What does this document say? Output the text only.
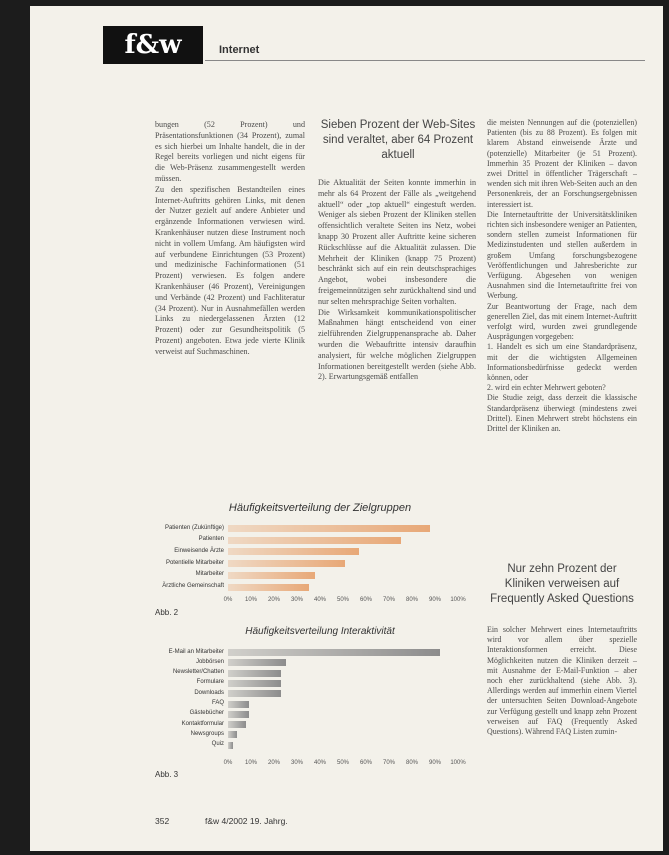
f&w	Internet

bungen (52 Prozent) und Präsentationsfunktionen (34 Prozent), zumal es sich hierbei um Inhalte handelt, die in der Regel bereits vorliegen und nicht eigens für die Web-Präsenz zusammengestellt werden müssen.

Zu den spezifischen Bestandteilen eines Internet-Auftritts gehören Links, mit denen der Nutzer gezielt auf andere Anbieter und ergänzende Informationen verwiesen wird. Krankenhäuser nutzen diese Instrument noch nicht in vollem Umfang. Am häufigsten wird auf verbundene Einrichtungen (53 Prozent) und medizinische Fachinformationen (51 Prozent) verwiesen. Es folgen andere Krankenhäuser (46 Prozent), Vereinigungen und Verbände (42 Prozent) und Fachliteratur (34 Prozent). Nur in Ausnahmefällen werden Links zu niedergelassenen Ärzten (12 Prozent) oder zur Gesundheitspolitik (5 Prozent) angeboten. Etwa jede vierte Klinik verweist auf Suchmaschinen.

Sieben Prozent der Web-Sites sind veraltet, aber 64 Prozent aktuell

Die Aktualität der Seiten konnte immerhin in mehr als 64 Prozent der Fälle als „weitgehend aktuell“ oder „top aktuell“ eingestuft werden. Weniger als sieben Prozent der Kliniken stellen offensichtlich veraltete Seiten ins Netz, wobei knapp 30 Prozent aller Auftritte keine sicheren Rückschlüsse auf die Aktualität zulassen. Die Mehrheit der Kliniken (knapp 75 Prozent) beschränkt sich auf ein rein deutschsprachiges Angebot, wobei insbesondere die freigemeinnützigen sehr zurückhaltend sind und nur selten mehrsprachige Seiten vorhalten.

Die Wirksamkeit kommunikationspolitischer Maßnahmen hängt entscheidend von einer zielführenden Zielgruppenansprache ab. Daher wurden die Webauftritte intensiv daraufhin analysiert, für welche möglichen Zielgruppen Informationen bereitgestellt werden (siehe Abb. 2). Erwartungsgemäß entfallen

die meisten Nennungen auf die (potenziellen) Patienten (bis zu 88 Prozent). Es folgen mit klarem Abstand einweisende Ärzte und (potenzielle) Mitarbeiter (je 51 Prozent). Immerhin 35 Prozent der Kliniken – davon zwei Drittel in öffentlicher Trägerschaft – wenden sich mit ihren Web-Seiten auch an den Personenkreis, der an Forschungsergebnissen interessiert ist.

Die Internetauftritte der Universitätskliniken richten sich insbesondere weniger an Patienten, sondern stellen zumeist Informationen für Medizinstudenten und stellen außerdem in großem Umfang forschungsbezogene Veröffentlichungen und Jahresberichte zur Verfügung. Abgesehen von wenigen Ausnahmen sind die Internetauftritte frei von Werbung.

Zur Beantwortung der Frage, nach dem generellen Ziel, das mit einem Internet-Auftritt verfolgt wird, wurden zwei grundlegende Ausprägungen vorgegeben:

1. Handelt es sich um eine Standardpräsenz, mit der die wichtigsten Allgemeinen Informationsbedürfnisse gedeckt werden können, oder

2. wird ein echter Mehrwert geboten?

Die Studie zeigt, dass derzeit die klassische Standardpräsenz überwiegt (mindestens zwei Drittel). Einen Mehrwert strebt höchstens ein Drittel der Kliniken an.

Nur zehn Prozent der Kliniken verweisen auf Frequently Asked Questions

Ein solcher Mehrwert eines Internetauftritts wird vor allem über spezielle Interaktionsformen erreicht. Diese Möglichkeiten nutzen die Kliniken derzeit – mit Ausnahme der E-Mail-Funktion – aber noch eher zurückhaltend (siehe Abb. 3). Allerdings werden auf immerhin einem Viertel der untersuchten Seiten Download-Angebote zur Verfügung gestellt und knapp zehn Prozent verweisen auf FAQ (Frequently Asked Questions). Während FAQ Listen zumin-

Häufigkeitsverteilung der Zielgruppen
Patienten (Zukünftige)
Patienten
Einweisende Ärzte
Potentielle Mitarbeiter
Mitarbeiter
Ärztliche Gemeinschaft
0% 10% 20% 30% 40% 50% 60% 70% 80% 90% 100%
Abb. 2
Häufigkeitsverteilung Interaktivität
E-Mail an Mitarbeiter
Jobbörsen
Newsletter/Chatten
Formulare
Downloads
FAQ
Gästebücher
Kontaktformular
Newsgroups
Quiz
0% 10% 20% 30% 40% 50% 60% 70% 80% 90% 100%
Abb. 3
352	f&w 4/2002 19. Jahrg.
